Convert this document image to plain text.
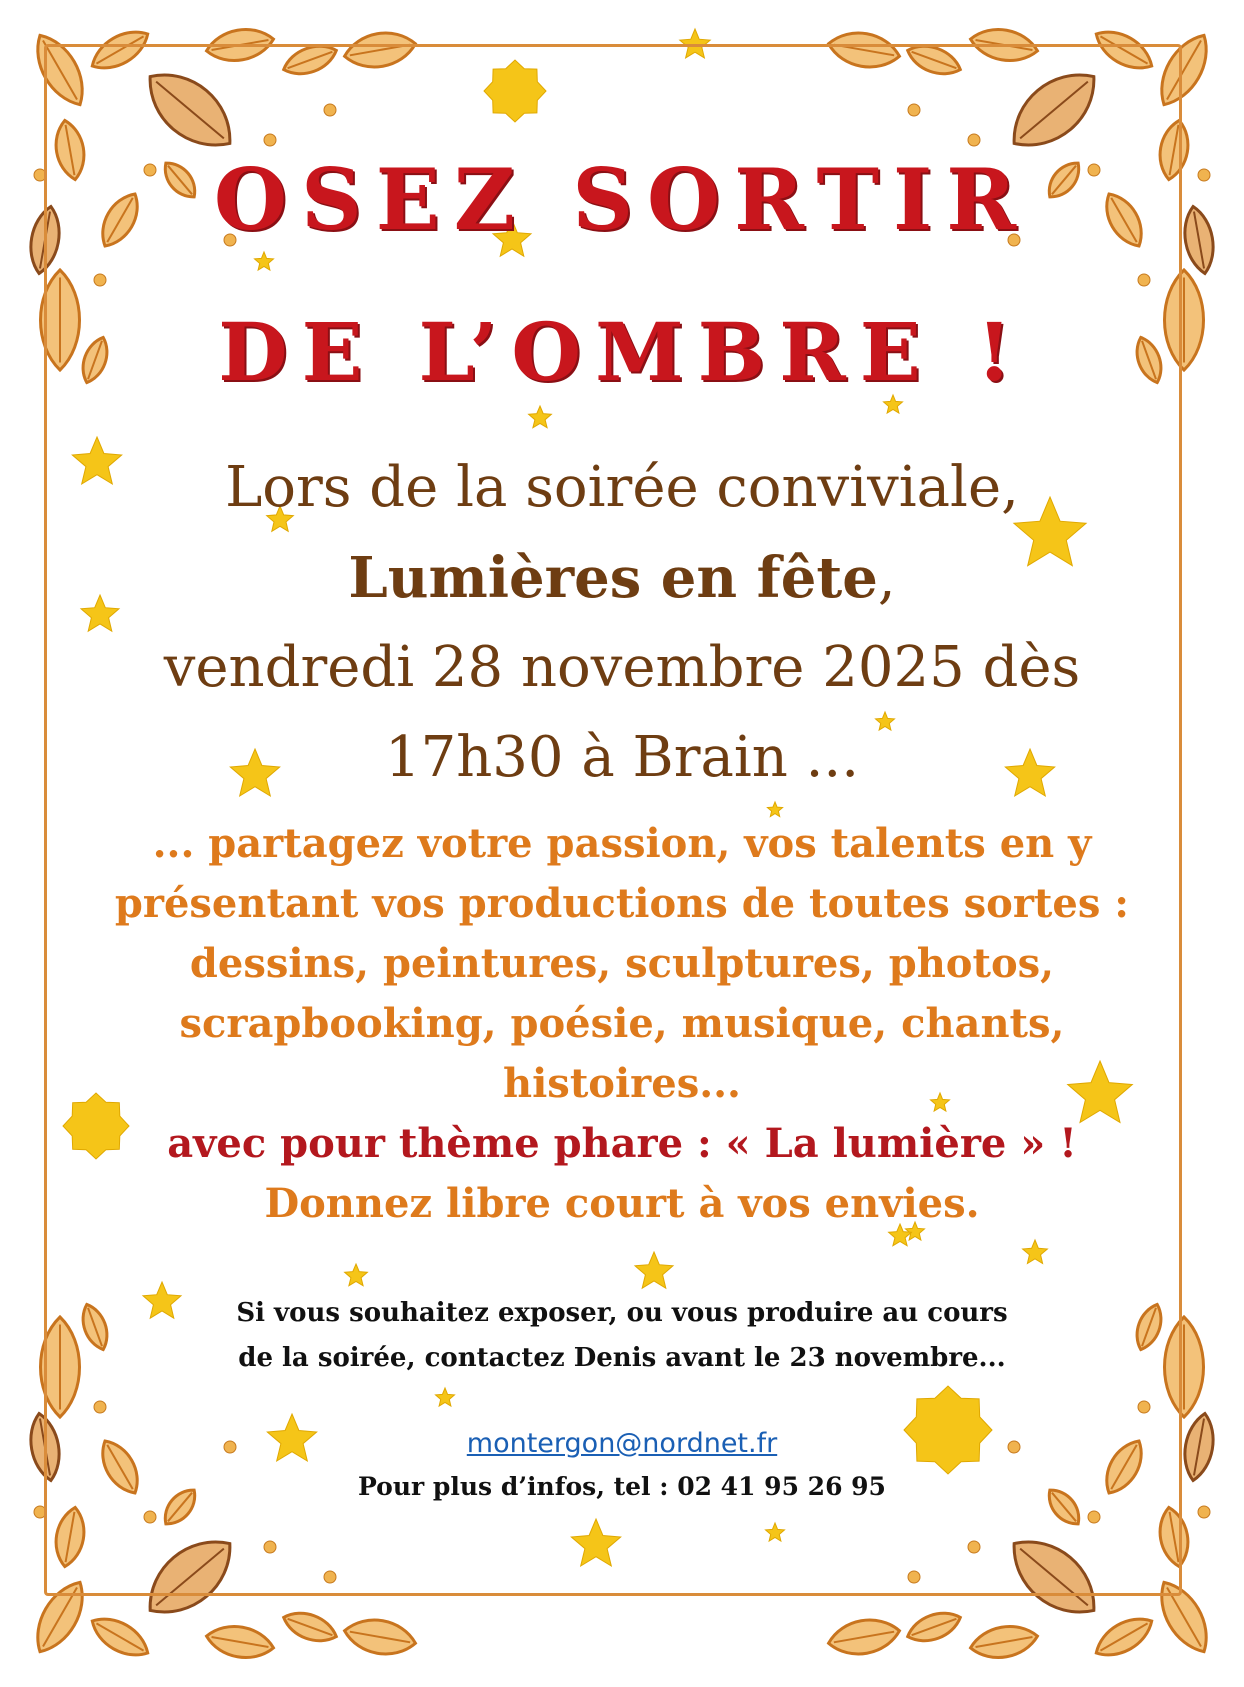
OSEZ SORTIR
DE L’OMBRE !
Lors de la soirée conviviale,
Lumières en fête,
vendredi 28 novembre 2025 dès
17h30 à Brain ...
... partagez votre passion, vos talents en y
présentant vos productions de toutes sortes :
dessins, peintures, sculptures, photos,
scrapbooking, poésie, musique, chants,
histoires...
avec pour thème phare : « La lumière » !
Donnez libre court à vos envies.
Si vous souhaitez exposer, ou vous produire au cours
de la soirée, contactez Denis avant le 23 novembre...
montergon@nordnet.fr
Pour plus d’infos, tel : 02 41 95 26 95
